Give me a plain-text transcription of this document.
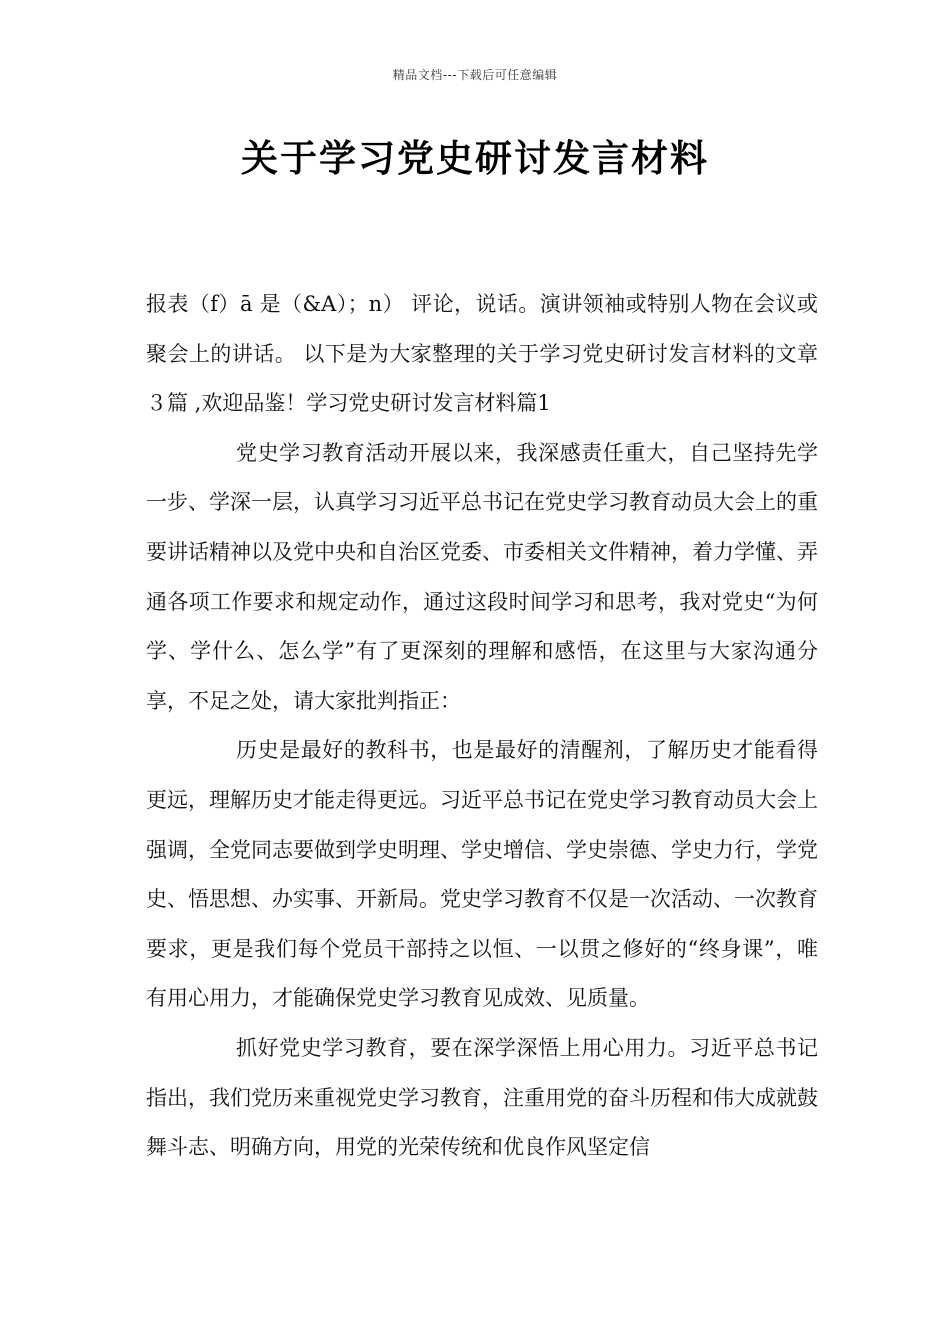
精品文档---下载后可任意编辑
关于学习党史研讨发言材料

报表（f）ā 是（&A）；n） 评论，说话。演讲领袖或特别人物在会议或聚会上的讲话。 以下是为大家整理的关于学习党史研讨发言材料的文章３篇 ,欢迎品鉴！学习党史研讨发言材料篇1

党史学习教育活动开展以来，我深感责任重大，自己坚持先学一步、学深一层，认真学习习近平总书记在党史学习教育动员大会上的重要讲话精神以及党中央和自治区党委、市委相关文件精神，着力学懂、弄通各项工作要求和规定动作，通过这段时间学习和思考，我对党史“为何学、学什么、怎么学”有了更深刻的理解和感悟，在这里与大家沟通分享，不足之处，请大家批判指正：

历史是最好的教科书，也是最好的清醒剂，了解历史才能看得更远，理解历史才能走得更远。习近平总书记在党史学习教育动员大会上强调，全党同志要做到学史明理、学史增信、学史崇德、学史力行，学党史、悟思想、办实事、开新局。党史学习教育不仅是一次活动、一次教育要求，更是我们每个党员干部持之以恒、一以贯之修好的“终身课”，唯有用心用力，才能确保党史学习教育见成效、见质量。

抓好党史学习教育，要在深学深悟上用心用力。习近平总书记指出，我们党历来重视党史学习教育，注重用党的奋斗历程和伟大成就鼓舞斗志、明确方向，用党的光荣传统和优良作风坚定信
